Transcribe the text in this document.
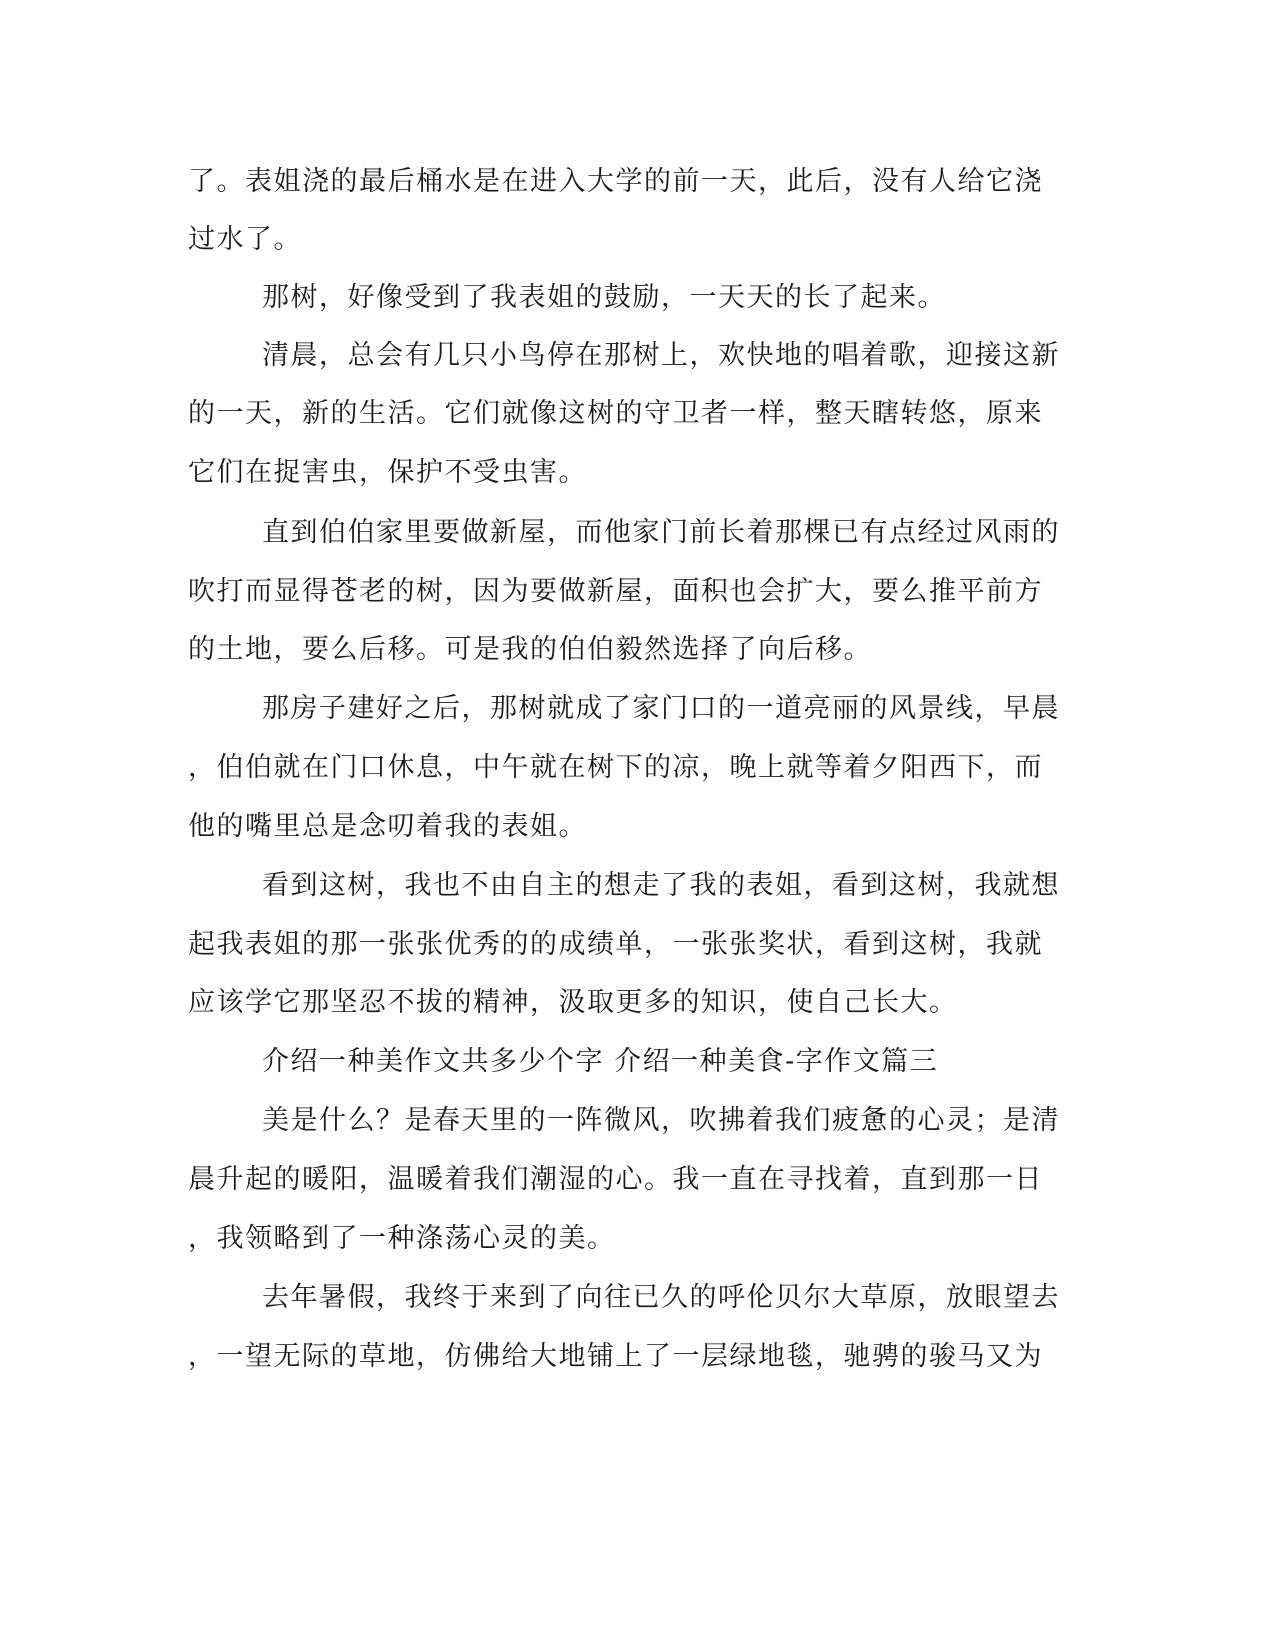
了。表姐浇的最后桶水是在进入大学的前一天，此后，没有人给它浇
过水了。
那树，好像受到了我表姐的鼓励，一天天的长了起来。
清晨，总会有几只小鸟停在那树上，欢快地的唱着歌，迎接这新
的一天，新的生活。它们就像这树的守卫者一样，整天瞎转悠，原来
它们在捉害虫，保护不受虫害。
直到伯伯家里要做新屋，而他家门前长着那棵已有点经过风雨的
吹打而显得苍老的树，因为要做新屋，面积也会扩大，要么推平前方
的土地，要么后移。可是我的伯伯毅然选择了向后移。
那房子建好之后，那树就成了家门口的一道亮丽的风景线，早晨
，伯伯就在门口休息，中午就在树下的凉，晚上就等着夕阳西下，而
他的嘴里总是念叨着我的表姐。
看到这树，我也不由自主的想走了我的表姐，看到这树，我就想
起我表姐的那一张张优秀的的成绩单，一张张奖状，看到这树，我就
应该学它那坚忍不拔的精神，汲取更多的知识，使自己长大。
介绍一种美作文共多少个字 介绍一种美食-字作文篇三
美是什么？是春天里的一阵微风，吹拂着我们疲惫的心灵；是清
晨升起的暖阳，温暖着我们潮湿的心。我一直在寻找着，直到那一日
，我领略到了一种涤荡心灵的美。
去年暑假，我终于来到了向往已久的呼伦贝尔大草原，放眼望去
，一望无际的草地，仿佛给大地铺上了一层绿地毯，驰骋的骏马又为
